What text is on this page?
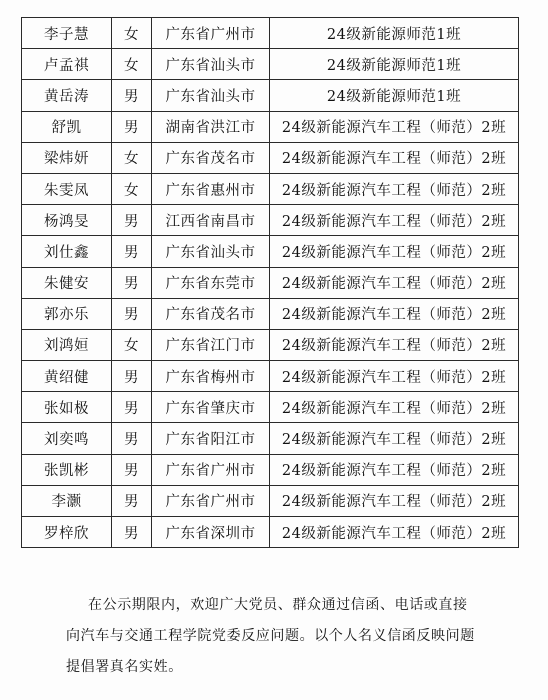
李子慧	女	广东省广州市	24级新能源师范1班
卢孟祺	女	广东省汕头市	24级新能源师范1班
黄岳涛	男	广东省汕头市	24级新能源师范1班
舒凯	男	湖南省洪江市	24级新能源汽车工程（师范）2班
梁炜妍	女	广东省茂名市	24级新能源汽车工程（师范）2班
朱雯凤	女	广东省惠州市	24级新能源汽车工程（师范）2班
杨鸿旻	男	江西省南昌市	24级新能源汽车工程（师范）2班
刘仕鑫	男	广东省汕头市	24级新能源汽车工程（师范）2班
朱健安	男	广东省东莞市	24级新能源汽车工程（师范）2班
郭亦乐	男	广东省茂名市	24级新能源汽车工程（师范）2班
刘鸿姮	女	广东省江门市	24级新能源汽车工程（师范）2班
黄绍健	男	广东省梅州市	24级新能源汽车工程（师范）2班
张如极	男	广东省肇庆市	24级新能源汽车工程（师范）2班
刘奕鸣	男	广东省阳江市	24级新能源汽车工程（师范）2班
张凯彬	男	广东省广州市	24级新能源汽车工程（师范）2班
李灏	男	广东省广州市	24级新能源汽车工程（师范）2班
罗梓欣	男	广东省深圳市	24级新能源汽车工程（师范）2班

在公示期限内，欢迎广大党员、群众通过信函、电话或直接

向汽车与交通工程学院党委反应问题。以个人名义信函反映问题

提倡署真名实姓。
